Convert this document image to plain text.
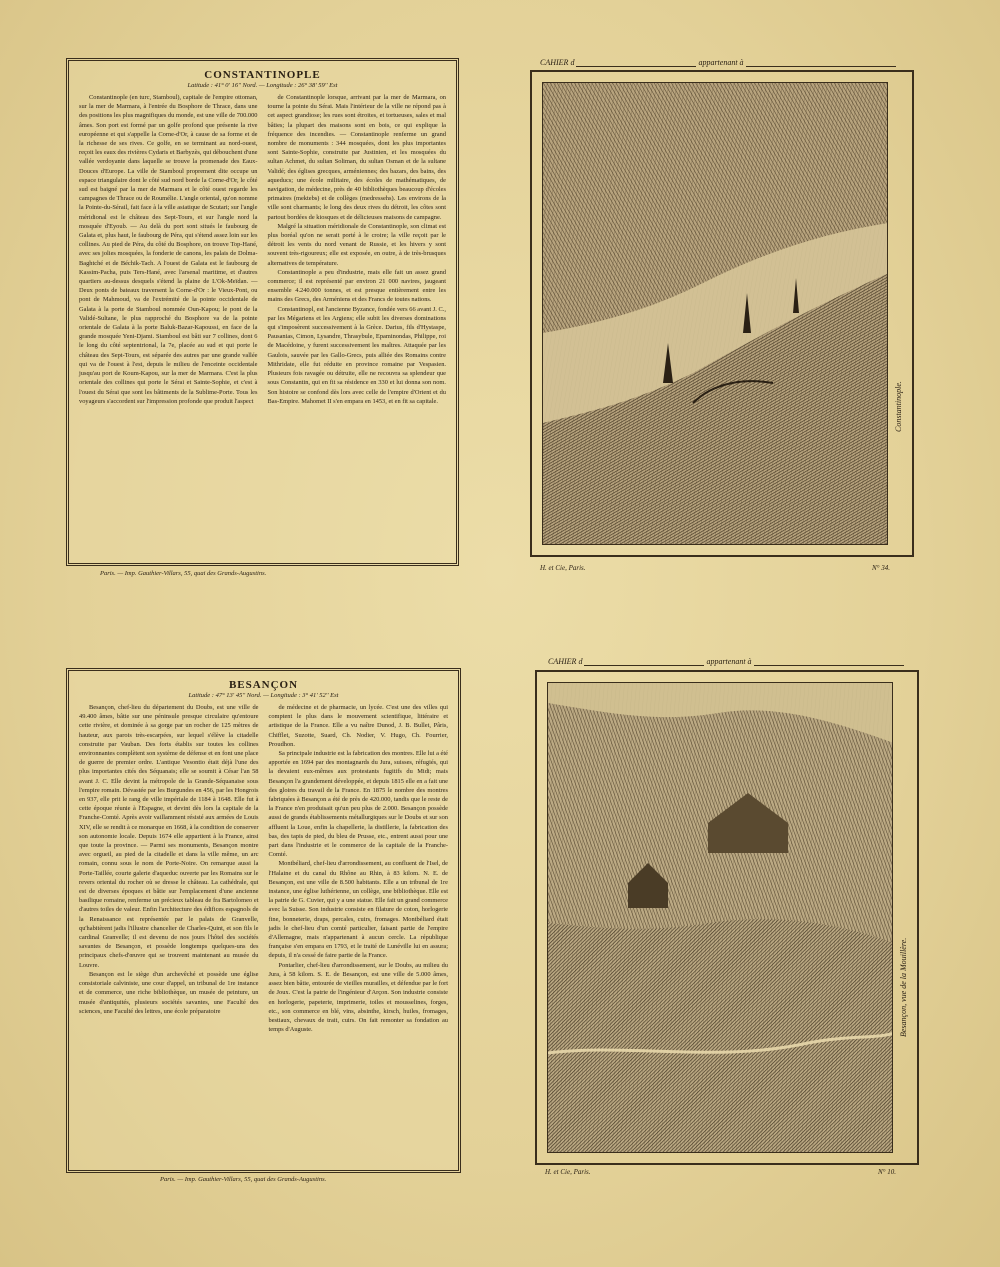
CONSTANTINOPLE
Latitude : 41° 0' 16'' Nord. — Longitude : 26° 38' 59'' Est

Constantinople (en turc, Stamboul), capitale de l'empire ottoman, sur la mer de Marmara, à l'entrée du Bosphore de Thrace, dans une des positions les plus magnifiques du monde, est une ville de 700.000 âmes. Son port est formé par un golfe profond que présente la rive européenne et qui s'appelle la Corne-d'Or, à cause de sa forme et de la richesse de ses rives. Ce golfe, en se terminant au nord-ouest, reçoit les eaux des rivières Cydaris et Barbyzès, qui débouchent d'une vallée verdoyante dans laquelle se trouve la promenade des Eaux-Douces d'Europe. La ville de Stamboul proprement dite occupe un espace triangulaire dont le côté sud nord borde la Corne-d'Or, le côté sud est baigné par la mer de Marmara et le côté ouest regarde les campagnes de Thrace ou de Roumélie. L'angle oriental, qu'on nomme la Pointe-du-Sérail, fait face à la ville asiatique de Scutari; sur l'angle méridional est le château des Sept-Tours, et sur l'angle nord la mosquée d'Eyoub. — Au delà du port sont situés le faubourg de Galata et, plus haut, le faubourg de Péra, qui s'étend assez loin sur les collines. Au pied de Péra, du côté du Bosphore, on trouve Top-Hané, avec ses jolies mosquées, la fonderie de canons, les palais de Dolma-Baghtché et de Béchik-Tach. A l'ouest de Galata est le faubourg de Kassim-Pacha, puis Ters-Hané, avec l'arsenal maritime, et d'autres quartiers au-dessus desquels s'étend la plaine de L'Ok-Meïdan. — Deux ponts de bateaux traversent la Corne-d'Or : le Vieux-Pont, ou pont de Mahmoud, va de l'extrémité de la pointe occidentale de Galata à la porte de Stamboul nommée Oun-Kapou; le pont de la Validé-Sultane, le plus rapproché du Bosphore va de la pointe orientale de Galata à la porte Baluk-Bazar-Kapoussi, en face de la grande mosquée Yeni-Djami. Stamboul est bâti sur 7 collines, dont 6 le long du côté septentrional, la 7e, placée au sud et qui porte le château des Sept-Tours, est séparée des autres par une grande vallée qui va de l'ouest à l'est, depuis le milieu de l'enceinte occidentale jusqu'au port de Koum-Kapou, sur la mer de Marmara. C'est la plus orientale des collines qui porte le Sérai et Sainte-Sophie, et c'est à l'ouest du Sérai que sont les bâtiments de la Sublime-Porte. Tous les voyageurs s'accordent sur l'impression profonde que produit l'aspect

de Constantinople lorsque, arrivant par la mer de Marmara, on tourne la pointe du Sérai. Mais l'intérieur de la ville ne répond pas à cet aspect grandiose; les rues sont étroites, et tortueuses, sales et mal bâties; la plupart des maisons sont en bois, ce qui explique la fréquence des incendies. — Constantinople renferme un grand nombre de monuments : 344 mosquées, dont les plus importantes sont Sainte-Sophie, construite par Justinien, et les mosquées du sultan Achmet, du sultan Soliman, du sultan Osman et de la sultane Validé; des églises grecques, arméniennes; des bazars, des bains, des aqueducs; une école militaire, des écoles de mathématiques, de navigation, de médecine, près de 40 bibliothèques beaucoup d'écoles primaires (mektebs) et de collèges (medressehs). Les environs de la ville sont charmants; le long des deux rives du détroit, les côtes sont partout bordées de kiosques et de délicieuses maisons de campagne.

Malgré la situation méridionale de Constantinople, son climat est plus boréal qu'on ne serait porté à le croire; la ville reçoit par le détroit les vents du nord venant de Russie, et les hivers y sont souvent très-rigoureux; elle est exposée, en outre, à de très-brusques alternatives de température.

Constantinople a peu d'industrie, mais elle fait un assez grand commerce; il est représenté par environ 21 000 navires, jaugeant ensemble 4.240.000 tonnes, et est presque entièrement entre les mains des Grecs, des Arméniens et des Francs de toutes nations.

Constantinopl, est l'ancienne Byzance, fondée vers 66 avant J. C., par les Mégariens et les Argiens; elle subit les diverses dominations qui s'imposèrent successivement à la Grèce. Darius, fils d'Hystaspe, Pausanias, Cimon, Lysandre, Thrasybule, Epaminondas, Philippe, roi de Macédoine, y furent successivement les maîtres. Attaquée par les Gaulois, sauvée par les Gallo-Grecs, puis alliée des Romains contre Mithridate, elle fut réduite en province romaine par Vespasien. Plusieurs fois ravagée ou détruite, elle ne recouvra sa splendeur que sous Constantin, qui en fit sa résidence en 330 et lui donna son nom. Son histoire se confond dès lors avec celle de l'empire d'Orient et du Bas-Empire. Mahomet II s'en empara en 1453, et en fit sa capitale.

Paris. — Imp. Gauthier-Villars, 55, quai des Grands-Augustins.
CAHIER d	appartenant à
Constantinople.
H. et Cie, Paris.	N° 34.
BESANÇON
Latitude : 47° 13' 45'' Nord. — Longitude : 3° 41' 52'' Est

Besançon, chef-lieu du département du Doubs, est une ville de 49.400 âmes, bâtie sur une péninsule presque circulaire qu'entoure cette rivière, et dominée à sa gorge par un rocher de 125 mètres de hauteur, aux parois très-escarpées, sur lequel s'élève la citadelle construite par Vauban. Des forts établis sur toutes les collines environnantes complètent son système de défense et en font une place de guerre de premier ordre. L'antique Vesontio était déjà l'une des plus importantes cités des Séquanais; elle se soumit à César l'an 58 avant J. C. Elle devint la métropole de la Grande-Séquanaise sous l'empire romain. Dévastée par les Burgundes en 456, par les Hongrois en 937, elle prit le rang de ville impériale de 1184 à 1648. Elle fut à cette époque réunie à l'Espagne, et devint dès lors la capitale de la Franche-Comté. Après avoir vaillamment résisté aux armées de Louis XIV, elle se rendit à ce monarque en 1668, à la condition de conserver son autonomie locale. Depuis 1674 elle appartient à la France, ainsi que toute la province. — Parmi ses monuments, Besançon montre avec orgueil, au pied de la citadelle et dans la ville même, un arc romain, connu sous le nom de Porte-Noire. On remarque aussi la Porte-Taillée, courte galerie d'aqueduc ouverte par les Romains sur le revers oriental du rocher où se dresse le château. La cathédrale, qui est de diverses époques et bâtie sur l'emplacement d'une ancienne basilique romaine, renferme un précieux tableau de fra Bartolomeo et d'autres toiles de valeur. Enfin l'architecture des édifices espagnols de la Renaissance est représentée par le palais de Granvelle, qu'habitèrent jadis l'illustre chancelier de Charles-Quint, et son fils le cardinal Granvelle; il est devenu de nos jours l'hôtel des sociétés savantes de Besançon, et possède longtemps quelques-uns des principaux chefs-d'œuvre qui se trouvent maintenant au musée du Louvre.

Besançon est le siège d'un archevêché et possède une église consistoriale calviniste, une cour d'appel, un tribunal de 1re instance et de commerce, une riche bibliothèque, un musée de peinture, un musée d'antiquités, plusieurs sociétés savantes, une Faculté des sciences, une Faculté des lettres, une école préparatoire

de médecine et de pharmacie, un lycée. C'est une des villes qui comptent le plus dans le mouvement scientifique, littéraire et artistique de la France. Elle a vu naître Dunod, J. B. Bullet, Pâris, Chifflet, Suzotte, Suard, Ch. Nodier, V. Hugo, Ch. Fourrier, Proudhon.

Sa principale industrie est la fabrication des montres. Elle lui a été apportée en 1694 par des montagnards du Jura, suisses, réfugiés, qui la devaient eux-mêmes aux protestants fugitifs du Midi; mais Besançon l'a grandement développée, et depuis 1815 elle en a fait une des gloires du travail de la France. En 1875 le nombre des montres fabriquées à Besançon a été de près de 420.000, tandis que le reste de la France n'en produisait qu'un peu plus de 2.000. Besançon possède aussi de grands établissements métallurgiques sur le Doubs et sur son affluent la Loue, enfin la chapellerie, la distillerie, la fabrication des bas, des tapis de pied, du bleu de Prusse, etc., entrent aussi pour une part dans l'industrie et le commerce de la capitale de la Franche-Comté.

Montbéliard, chef-lieu d'arrondissement, au confluent de l'Isel, de l'Halaine et du canal du Rhône au Rhin, à 83 kilom. N. E. de Besançon, est une ville de 8.500 habitants. Elle a un tribunal de 1re instance, une église luthérienne, un collège, une bibliothèque. Elle est la patrie de G. Cuvier, qui y a une statue. Elle fait un grand commerce avec la Suisse. Son industrie consiste en filature de coton, horlogerie fine, bonneterie, draps, percales, cuirs, fromages. Montbéliard était jadis le chef-lieu d'un comté particulier, faisant partie de l'empire d'Allemagne, mais n'appartenant à aucun cercle. La république française s'en empara en 1793, et le traité de Lunéville lui en assura; depuis, il n'a cessé de faire partie de la France.

Pontarlier, chef-lieu d'arrondissement, sur le Doubs, au milieu du Jura, à 58 kilom. S. E. de Besançon, est une ville de 5.000 âmes, assez bien bâtie, entourée de vieilles murailles, et défendue par le fort de Joux. C'est la patrie de l'ingénieur d'Arçon. Son industrie consiste en horlogerie, papeterie, imprimerie, toiles et mousselines, forges, etc., son commerce en blé, vins, absinthe, kirsch, huiles, fromages, bestiaux, chevaux de trait, cuirs. On fait remonter sa fondation au temps d'Auguste.

Paris. — Imp. Gauthier-Villars, 55, quai des Grands-Augustins.
CAHIER d	appartenant à
Besançon, vue de la Mouillère.
H. et Cie, Paris.	N° 10.
